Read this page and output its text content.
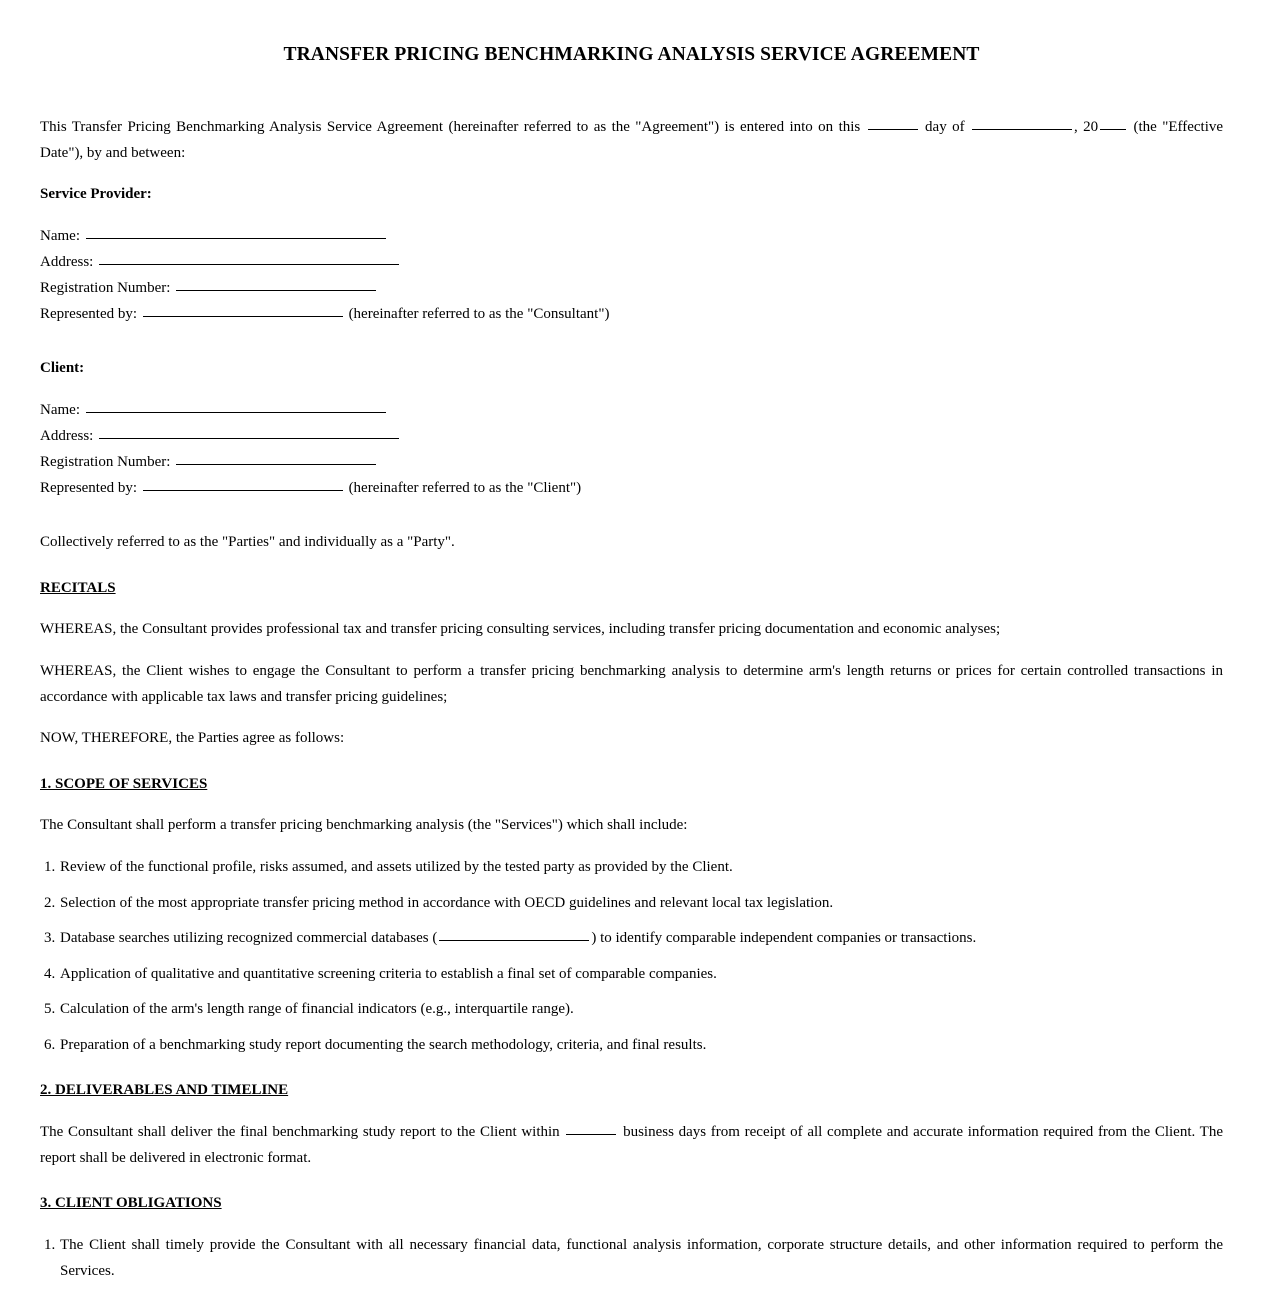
TRANSFER PRICING BENCHMARKING ANALYSIS SERVICE AGREEMENT

This Transfer Pricing Benchmarking Analysis Service Agreement (hereinafter referred to as the "Agreement") is entered into on this	day of	, 20 (the "Effective Date"), by and between:

Service Provider:

Name:
Address:
Registration Number:
Represented by:	(hereinafter referred to as the "Consultant")

Client:

Name:
Address:
Registration Number:
Represented by:	(hereinafter referred to as the "Client")

Collectively referred to as the "Parties" and individually as a "Party".

RECITALS

WHEREAS, the Consultant provides professional tax and transfer pricing consulting services, including transfer pricing documentation and economic analyses;

WHEREAS, the Client wishes to engage the Consultant to perform a transfer pricing benchmarking analysis to determine arm's length returns or prices for certain controlled transactions in accordance with applicable tax laws and transfer pricing guidelines;

NOW, THEREFORE, the Parties agree as follows:

1. SCOPE OF SERVICES

The Consultant shall perform a transfer pricing benchmarking analysis (the "Services") which shall include:

1. Review of the functional profile, risks assumed, and assets utilized by the tested party as provided by the Client.
2. Selection of the most appropriate transfer pricing method in accordance with OECD guidelines and relevant local tax legislation.
3. Database searches utilizing recognized commercial databases (	) to identify comparable independent companies or transactions.
4. Application of qualitative and quantitative screening criteria to establish a final set of comparable companies.
5. Calculation of the arm's length range of financial indicators (e.g., interquartile range).
6. Preparation of a benchmarking study report documenting the search methodology, criteria, and final results.

2. DELIVERABLES AND TIMELINE

The Consultant shall deliver the final benchmarking study report to the Client within	business days from receipt of all complete and accurate information required from the Client. The report shall be delivered in electronic format.

3. CLIENT OBLIGATIONS

1. The Client shall timely provide the Consultant with all necessary financial data, functional analysis information, corporate structure details, and other information required to perform the Services.
